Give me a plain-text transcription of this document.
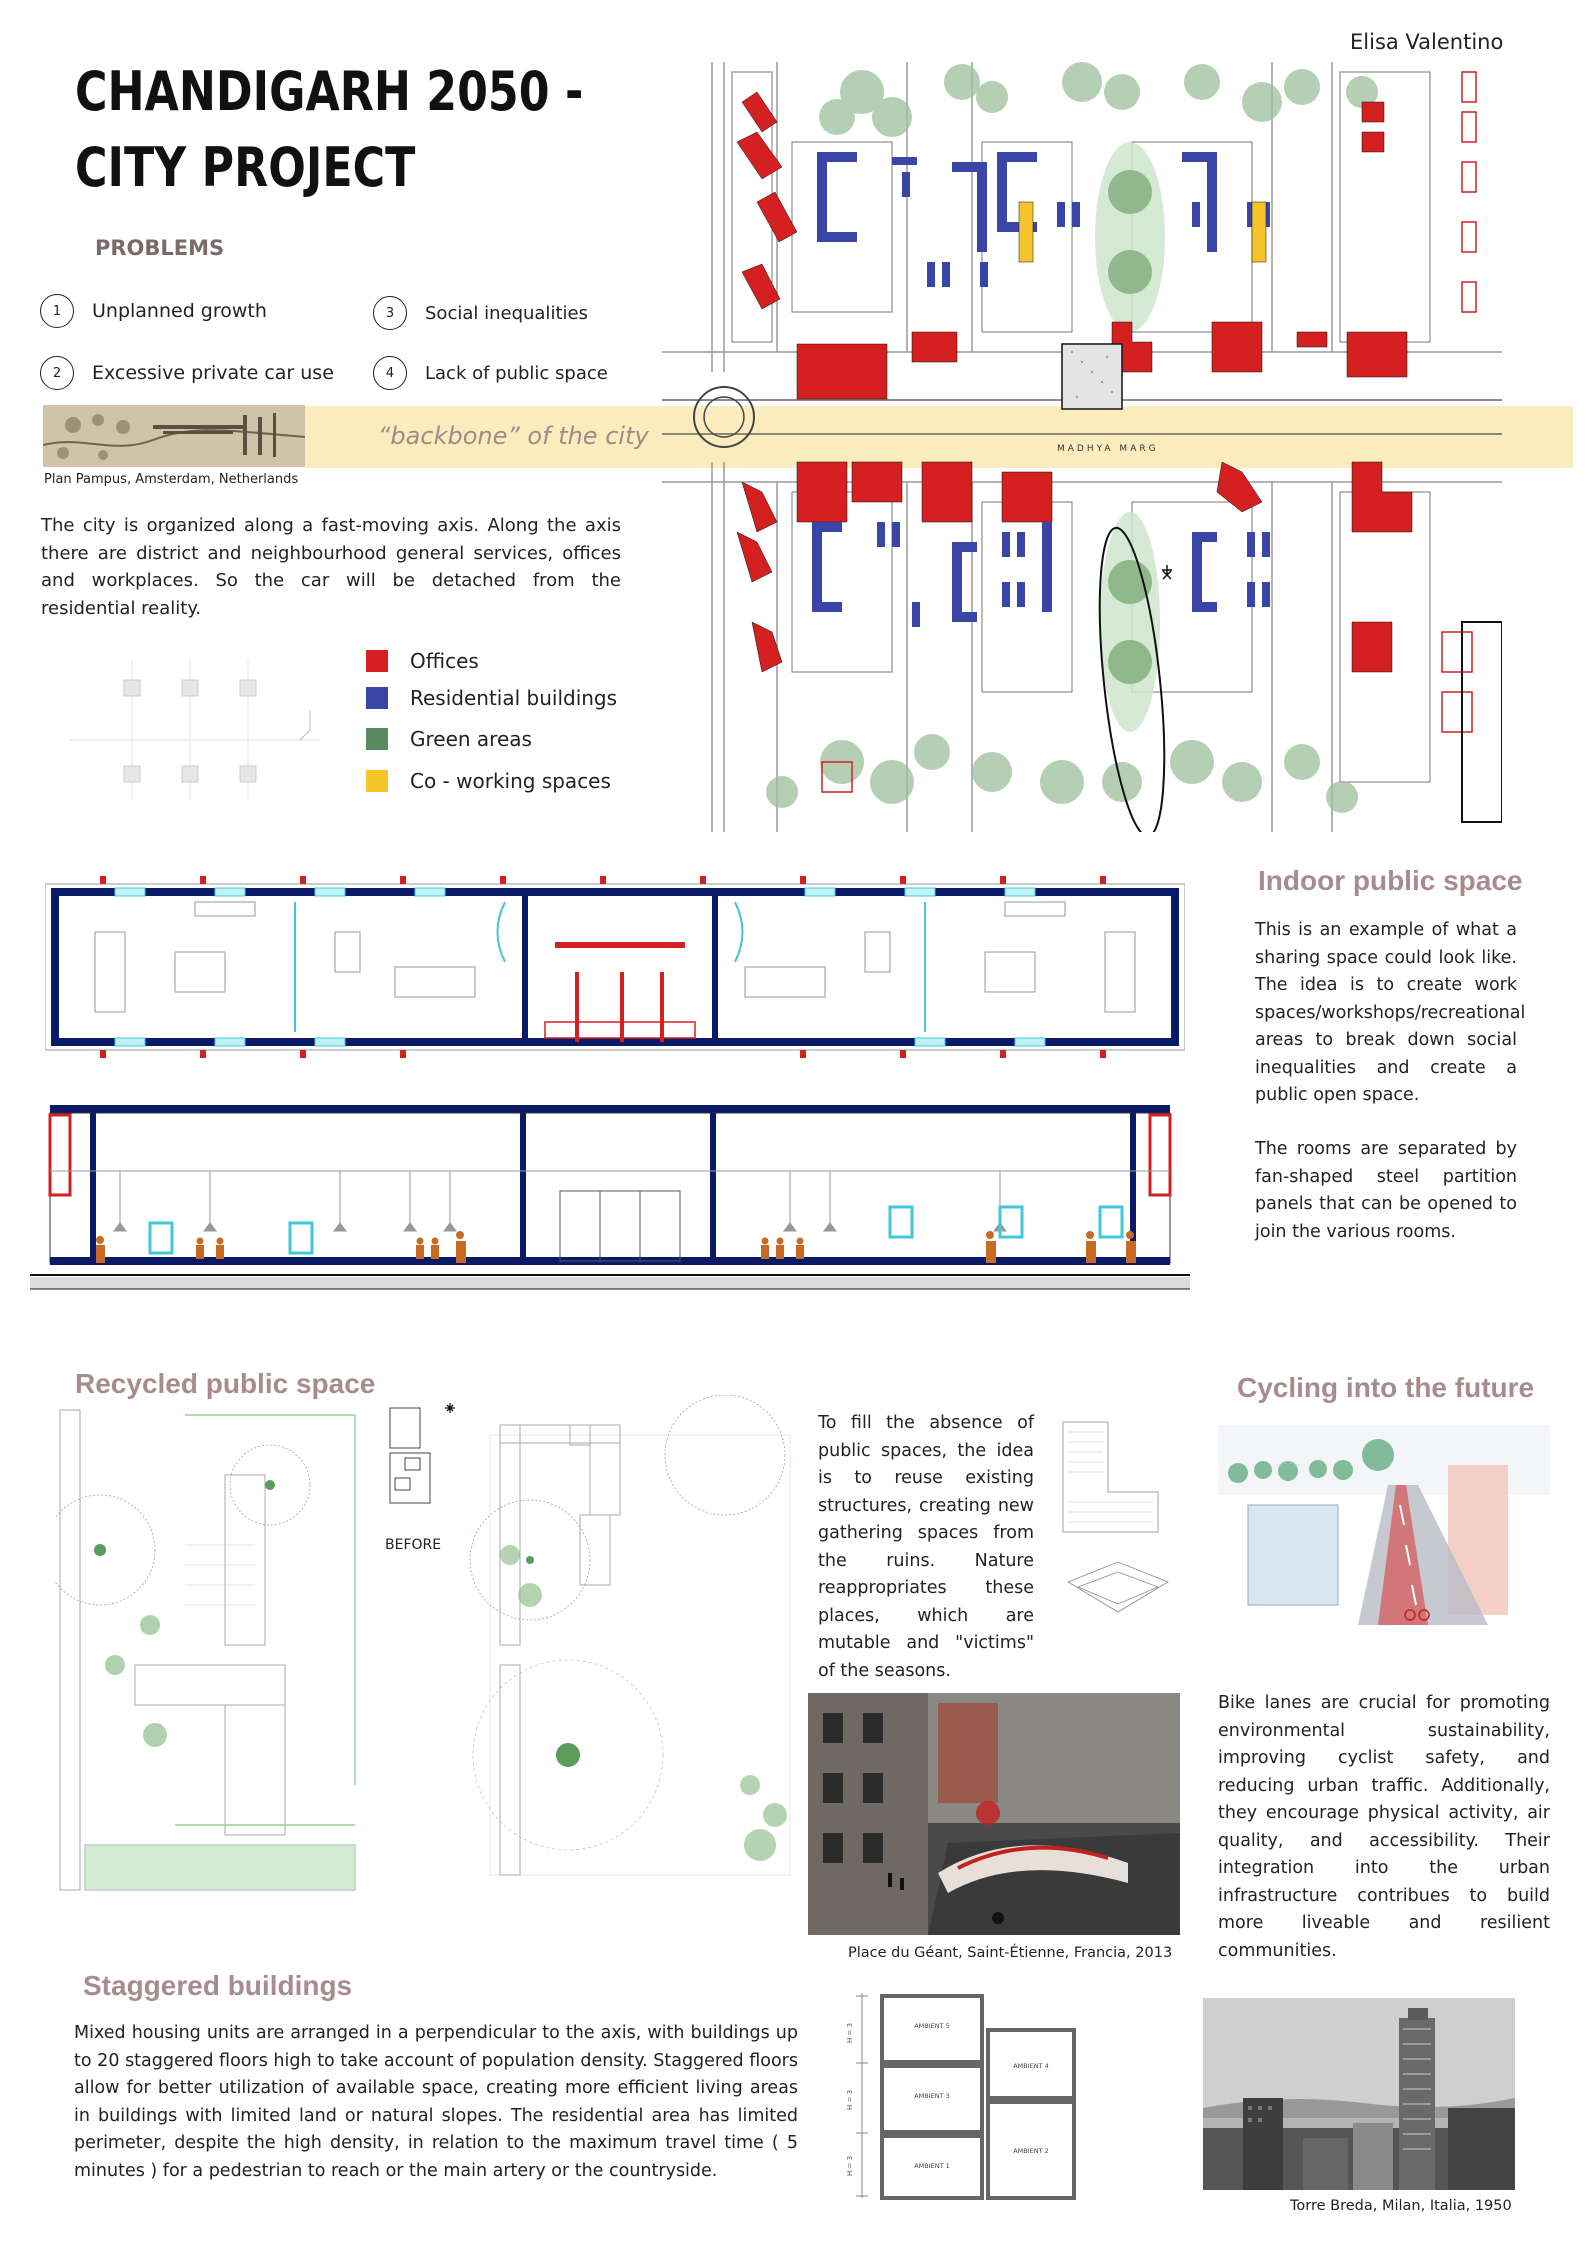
Elisa Valentino
CHANDIGARH 2050 -
CITY PROJECT
PROBLEMS
1	Unplanned growth
2	Excessive private car use
3	Social inequalities
4	Lack of public space
“backbone” of the city
Plan Pampus, Amsterdam, Netherlands
The city is organized along a fast-moving axis. Along the axis there are district and neighbourhood general services, offices and workplaces. So the car will be detached from the residential reality.
Offices
Residential buildings
Green areas
Co - working spaces
MADHYA MARG
Indoor public space
This is an example of what a sharing space could look like. The idea is to create work spaces/workshops/recreational areas to break down social inequalities and create a public open space.
The rooms are separated by fan-shaped steel partition panels that can be opened to join the various rooms.
Recycled public space
BEFORE
To fill the absence of public spaces, the idea is to reuse existing structures, creating new gathering spaces from the ruins. Nature reappropriates these places, which are mutable and "victims" of the seasons.
Place du Géant, Saint-Étienne, Francia, 2013
Cycling into the future
Bike lanes are crucial for promoting environmental sustainability, improving cyclist safety, and reducing urban traffic. Additionally, they encourage physical activity, air quality, and accessibility. Their integration into the urban infrastructure contribues to build more liveable and resilient communities.
Staggered buildings
Mixed housing units are arranged in a perpendicular to the axis, with buildings up to 20 staggered floors high to take account of population density. Staggered floors allow for better utilization of available space, creating more efficient living areas in buildings with limited land or natural slopes. The residential area has limited perimeter, despite the high density, in relation to the maximum travel time ( 5 minutes ) for a pedestrian to reach or the main artery or the countryside.
H = 3
H = 3
H = 3
AMBIENT 5
AMBIENT 4
AMBIENT 3
AMBIENT 2
AMBIENT 1
Torre Breda, Milan, Italia, 1950
